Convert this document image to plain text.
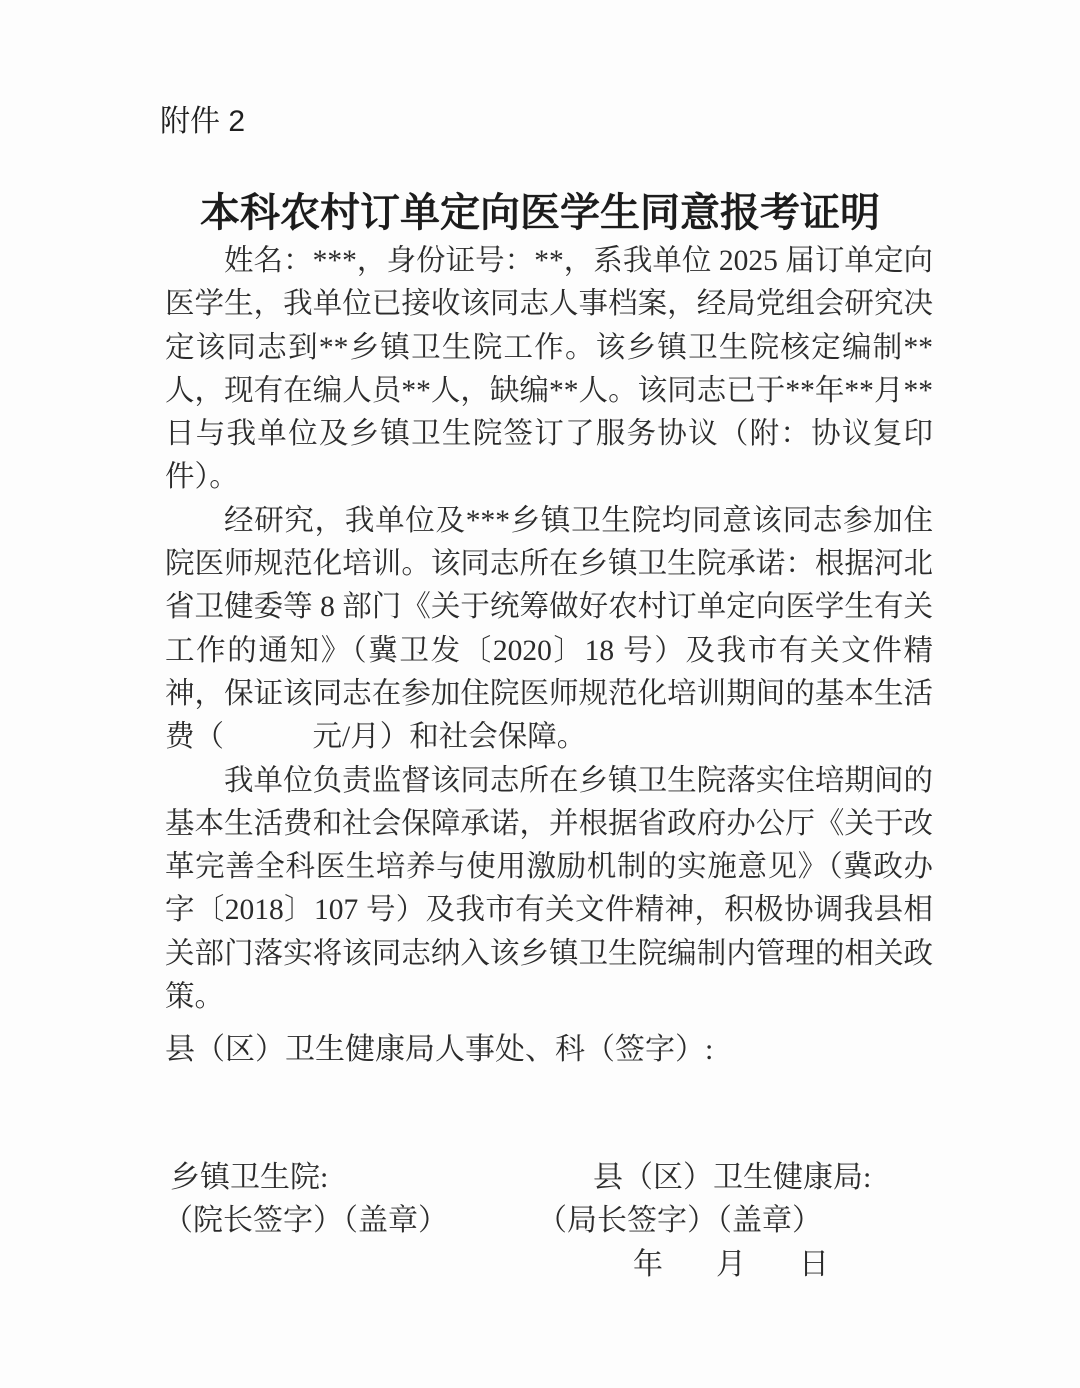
附件 2
本科农村订单定向医学生同意报考证明

姓名：***，身份证号：**，系我单位 2025 届订单定向医学生，我单位已接收该同志人事档案，经局党组会研究决定该同志到**乡镇卫生院工作。该乡镇卫生院核定编制**人，现有在编人员**人，缺编**人。该同志已于**年**月**日与我单位及乡镇卫生院签订了服务协议（附：协议复印件）。

经研究，我单位及***乡镇卫生院均同意该同志参加住院医师规范化培训。该同志所在乡镇卫生院承诺：根据河北省卫健委等 8 部门《关于统筹做好农村订单定向医学生有关工作的通知》（冀卫发〔2020〕18 号）及我市有关文件精神，保证该同志在参加住院医师规范化培训期间的基本生活费（　　　元/月）和社会保障。

我单位负责监督该同志所在乡镇卫生院落实住培期间的基本生活费和社会保障承诺，并根据省政府办公厅《关于改革完善全科医生培养与使用激励机制的实施意见》（冀政办字〔2018〕107 号）及我市有关文件精神，积极协调我县相关部门落实将该同志纳入该乡镇卫生院编制内管理的相关政策。

县（区）卫生健康局人事处、科（签字）:
乡镇卫生院:	县（区）卫生健康局:
（院长签字）（盖章）	（局长签字）（盖章）
年 月 日
